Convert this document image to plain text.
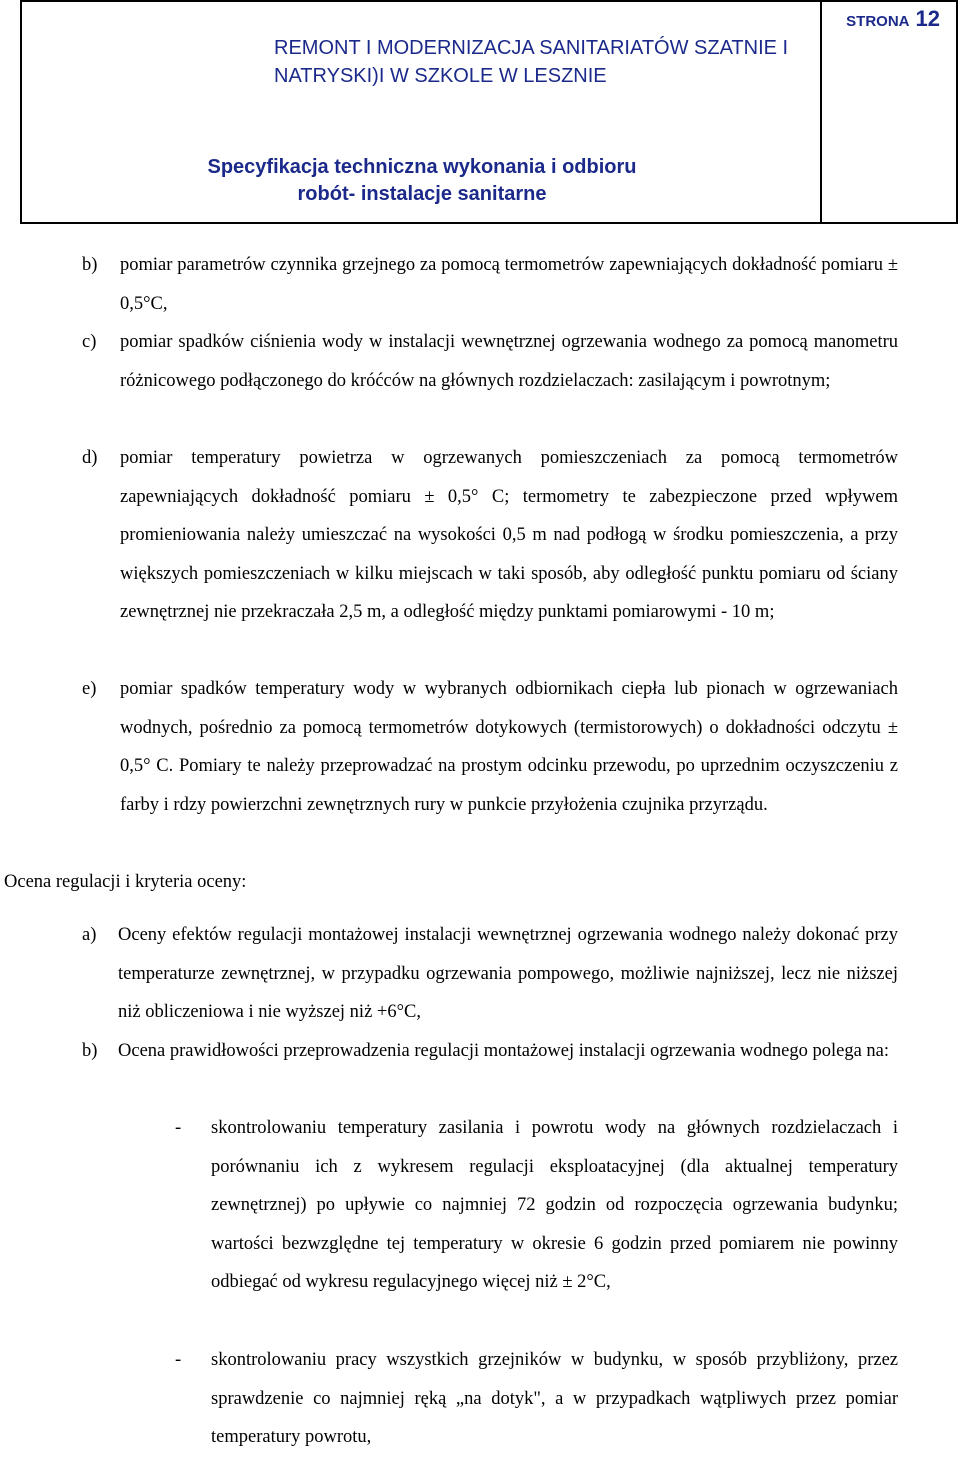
REMONT I MODERNIZACJA SANITARIATÓW SZATNIE I NATRYSKI)I W SZKOLE W LESZNIE
Specyfikacja techniczna wykonania i odbioru
robót- instalacje sanitarne
STRONA 12
b) pomiar parametrów czynnika grzejnego za pomocą termometrów zapewniających dokładność pomiaru ± 0,5°C,
c) pomiar spadków ciśnienia wody w instalacji wewnętrznej ogrzewania wodnego za pomocą manometru różnicowego podłączonego do króćców na głównych rozdzielaczach: zasilającym i powrotnym;
d) pomiar temperatury powietrza w ogrzewanych pomieszczeniach za pomocą termometrów zapewniających dokładność pomiaru ± 0,5° C; termometry te zabezpieczone przed wpływem promieniowania należy umieszczać na wysokości 0,5 m nad podłogą w środku pomieszczenia, a przy większych pomieszczeniach w kilku miejscach w taki sposób, aby odległość punktu pomiaru od ściany zewnętrznej nie przekraczała 2,5 m, a odległość między punktami pomiarowymi - 10 m;
e) pomiar spadków temperatury wody w wybranych odbiornikach ciepła lub pionach w ogrzewaniach wodnych, pośrednio za pomocą termometrów dotykowych (termistorowych) o dokładności odczytu ± 0,5° C. Pomiary te należy przeprowadzać na prostym odcinku przewodu, po uprzednim oczyszczeniu z farby i rdzy powierzchni zewnętrznych rury w punkcie przyłożenia czujnika przyrządu.
Ocena regulacji i kryteria oceny:
a) Oceny efektów regulacji montażowej instalacji wewnętrznej ogrzewania wodnego należy dokonać przy temperaturze zewnętrznej, w przypadku ogrzewania pompowego, możliwie najniższej, lecz nie niższej niż obliczeniowa i nie wyższej niż +6°C,
b) Ocena prawidłowości przeprowadzenia regulacji montażowej instalacji ogrzewania wodnego polega na:
- skontrolowaniu temperatury zasilania i powrotu wody na głównych rozdzielaczach i porównaniu ich z wykresem regulacji eksploatacyjnej (dla aktualnej temperatury zewnętrznej) po upływie co najmniej 72 godzin od rozpoczęcia ogrzewania budynku; wartości bezwzględne tej temperatury w okresie 6 godzin przed pomiarem nie powinny odbiegać od wykresu regulacyjnego więcej niż ± 2°C,
- skontrolowaniu pracy wszystkich grzejników w budynku, w sposób przybliżony, przez sprawdzenie co najmniej ręką „na dotyk", a w przypadkach wątpliwych przez pomiar temperatury powrotu,
